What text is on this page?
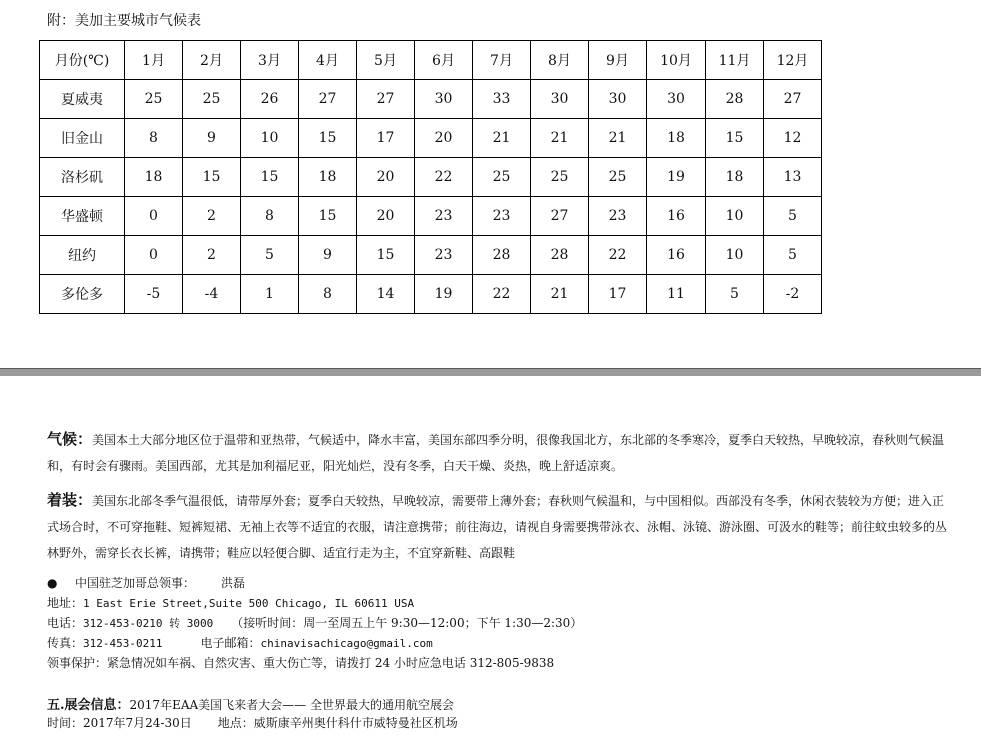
附：美加主要城市气候表
月份(℃)	1月	2月	3月	4月	5月	6月	7月	8月	9月	10月	11月	12月
夏威夷	25	25	26	27	27	30	33	30	30	30	28	27
旧金山	8	9	10	15	17	20	21	21	21	18	15	12
洛杉矶	18	15	15	18	20	22	25	25	25	19	18	13
华盛顿	0	2	8	15	20	23	23	27	23	16	10	5
纽约	0	2	5	9	15	23	28	28	22	16	10	5
多伦多	-5	-4	1	8	14	19	22	21	17	11	5	-2
气候：美国本土大部分地区位于温带和亚热带，气候适中，降水丰富，美国东部四季分明，很像我国北方，东北部的冬季寒冷，夏季白天较热，早晚较凉，春秋则气候温和，有时会有骤雨。美国西部，尤其是加利福尼亚，阳光灿烂，没有冬季，白天干燥、炎热，晚上舒适凉爽。
着装：美国东北部冬季气温很低，请带厚外套；夏季白天较热，早晚较凉，需要带上薄外套；春秋则气候温和，与中国相似。西部没有冬季，休闲衣装较为方便；进入正式场合时，不可穿拖鞋、短裤短裙、无袖上衣等不适宜的衣服，请注意携带；前往海边，请视自身需要携带泳衣、泳帽、泳镜、游泳圈、可汲水的鞋等；前往蚊虫较多的丛林野外，需穿长衣长裤，请携带；鞋应以轻便合脚、适宜行走为主，不宜穿新鞋、高跟鞋
● 中国驻芝加哥总领事： 洪磊
地址：1 East Erie Street,Suite 500 Chicago, IL 60611 USA
电话：312-453-0210 转 3000 （接听时间：周一至周五上午 9:30—12:00；下午 1:30—2:30）
传真：312-453-0211	电子邮箱：chinavisachicago@gmail.com
领事保护：紧急情况如车祸、自然灾害、重大伤亡等，请拨打 24 小时应急电话 312-805-9838
五.展会信息：2017年EAA美国飞来者大会—— 全世界最大的通用航空展会
时间：2017年7月24-30日 地点：威斯康辛州奥什科什市威特曼社区机场
